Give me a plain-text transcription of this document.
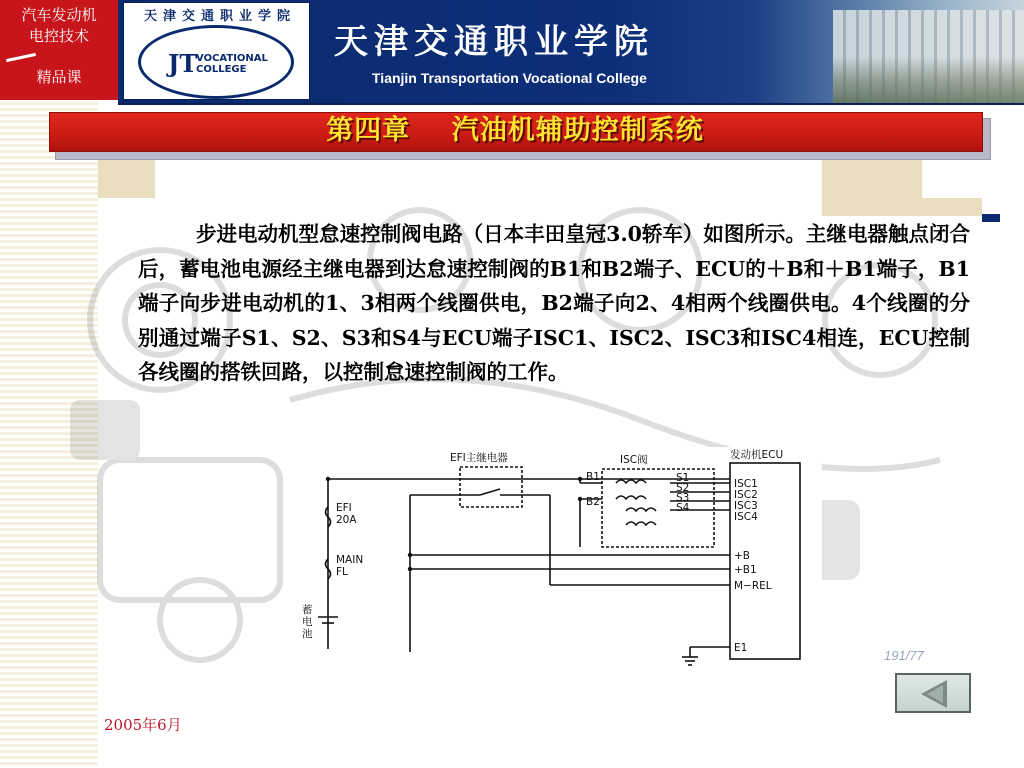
汽车发动机
电控技术
精品课
天津交通职业学院
JT
VOCATIONAL
COLLEGE
天津交通职业学院
Tianjin Transportation Vocational College
第四章    汽油机辅助控制系统
步进电动机型怠速控制阀电路（日本丰田皇冠3.0轿车）如图所示。主继电器触点闭合后，蓄电池电源经主继电器到达怠速控制阀的B1和B2端子、ECU的＋B和＋B1端子，B1端子向步进电动机的1、3相两个线圈供电，B2端子向2、4相两个线圈供电。4个线圈的分别通过端子S1、S2、S3和S4与ECU端子ISC1、ISC2、ISC3和ISC4相连，ECU控制各线圈的搭铁回路，以控制怠速控制阀的工作。
EFI主继电器	ISC阀	发动机ECU
B1
B2
S1
S2
S3
S4
ISC1
ISC2
ISC3
ISC4
+B
+B1
M−REL
E1
EFI
20A
MAIN
FL
蓄
电
池
191/77
2005年6月
